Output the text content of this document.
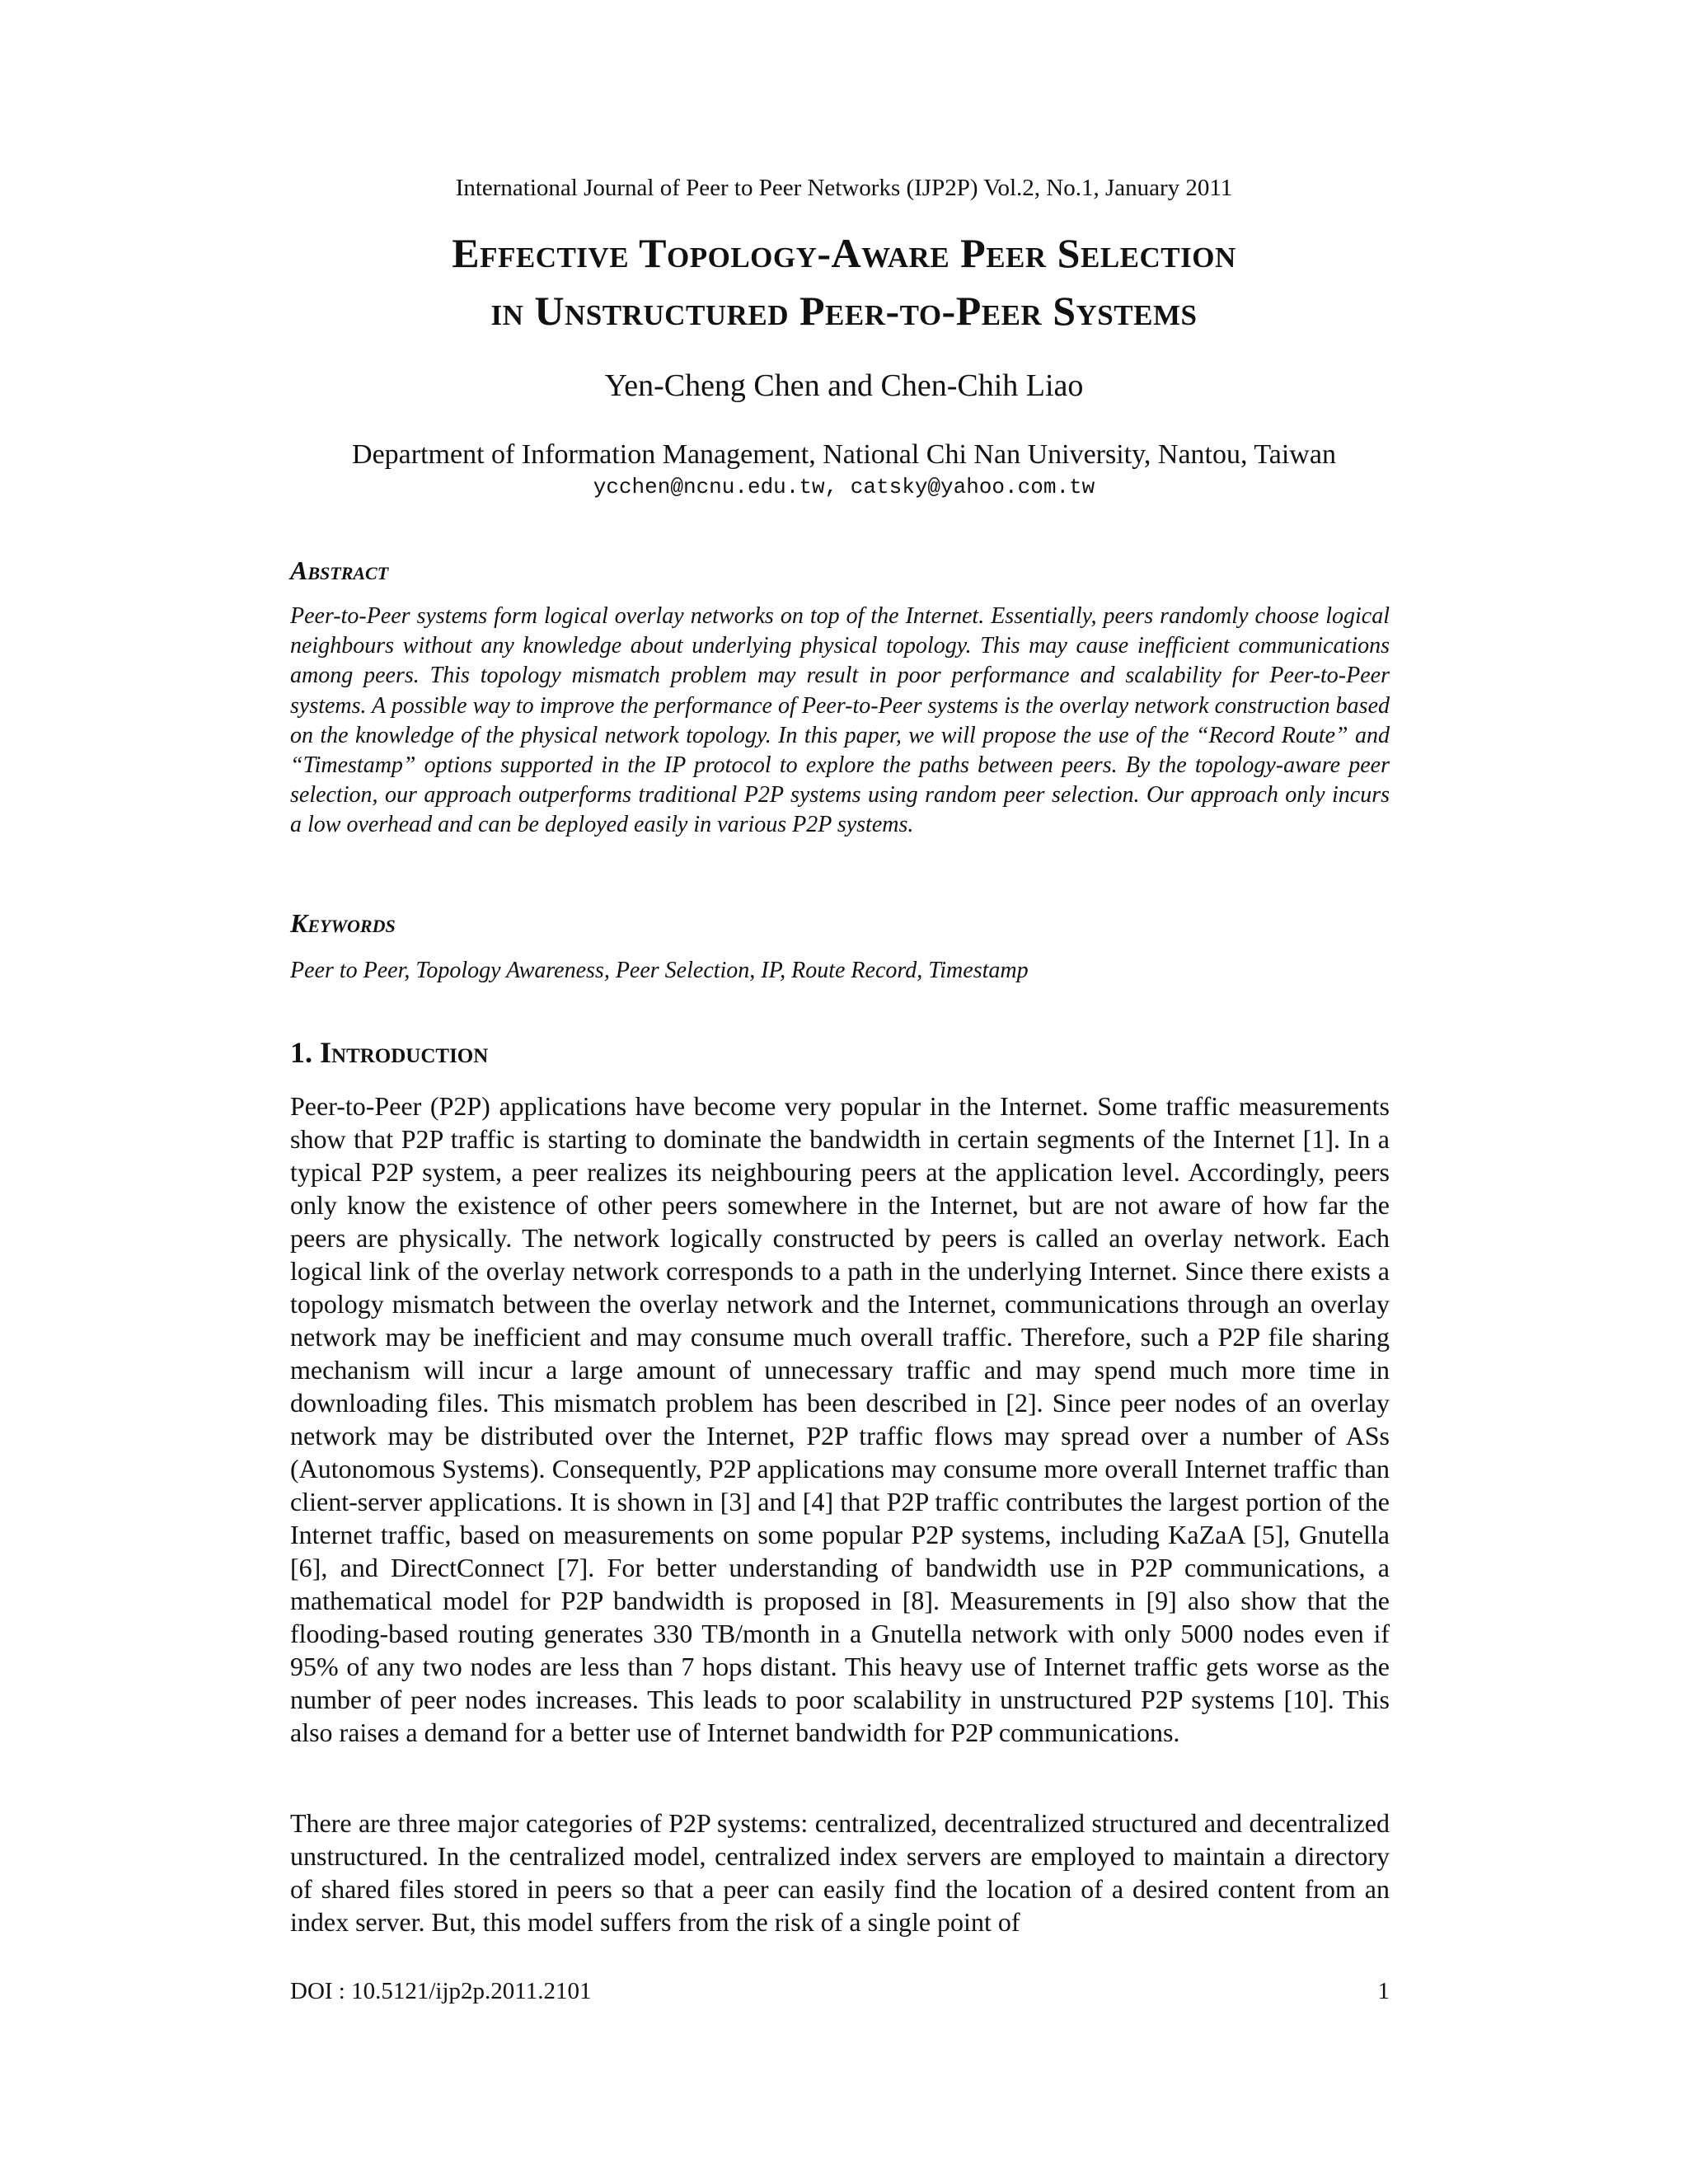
International Journal of Peer to Peer Networks (IJP2P) Vol.2, No.1, January 2011
Effective Topology-Aware Peer Selection
in Unstructured Peer-to-Peer Systems
Yen-Cheng Chen and Chen-Chih Liao
Department of Information Management, National Chi Nan University, Nantou, Taiwan
ycchen@ncnu.edu.tw, catsky@yahoo.com.tw
Abstract

Peer-to-Peer systems form logical overlay networks on top of the Internet. Essentially, peers randomly choose logical neighbours without any knowledge about underlying physical topology. This may cause inefficient communications among peers. This topology mismatch problem may result in poor performance and scalability for Peer-to-Peer systems. A possible way to improve the performance of Peer-to-Peer systems is the overlay network construction based on the knowledge of the physical network topology. In this paper, we will propose the use of the “Record Route” and “Timestamp” options supported in the IP protocol to explore the paths between peers. By the topology-aware peer selection, our approach outperforms traditional P2P systems using random peer selection. Our approach only incurs a low overhead and can be deployed easily in various P2P systems.

Keywords

Peer to Peer, Topology Awareness, Peer Selection, IP, Route Record, Timestamp

1. Introduction

Peer-to-Peer (P2P) applications have become very popular in the Internet. Some traffic measurements show that P2P traffic is starting to dominate the bandwidth in certain segments of the Internet [1]. In a typical P2P system, a peer realizes its neighbouring peers at the application level. Accordingly, peers only know the existence of other peers somewhere in the Internet, but are not aware of how far the peers are physically. The network logically constructed by peers is called an overlay network. Each logical link of the overlay network corresponds to a path in the underlying Internet. Since there exists a topology mismatch between the overlay network and the Internet, communications through an overlay network may be inefficient and may consume much overall traffic. Therefore, such a P2P file sharing mechanism will incur a large amount of unnecessary traffic and may spend much more time in downloading files. This mismatch problem has been described in [2]. Since peer nodes of an overlay network may be distributed over the Internet, P2P traffic flows may spread over a number of ASs (Autonomous Systems). Consequently, P2P applications may consume more overall Internet traffic than client-server applications. It is shown in [3] and [4] that P2P traffic contributes the largest portion of the Internet traffic, based on measurements on some popular P2P systems, including KaZaA [5], Gnutella [6], and DirectConnect [7]. For better understanding of bandwidth use in P2P communications, a mathematical model for P2P bandwidth is proposed in [8]. Measurements in [9] also show that the flooding-based routing generates 330 TB/month in a Gnutella network with only 5000 nodes even if 95% of any two nodes are less than 7 hops distant. This heavy use of Internet traffic gets worse as the number of peer nodes increases. This leads to poor scalability in unstructured P2P systems [10]. This also raises a demand for a better use of Internet bandwidth for P2P communications.

There are three major categories of P2P systems: centralized, decentralized structured and decentralized unstructured. In the centralized model, centralized index servers are employed to maintain a directory of shared files stored in peers so that a peer can easily find the location of a desired content from an index server. But, this model suffers from the risk of a single point of

DOI : 10.5121/ijp2p.2011.2101	1
